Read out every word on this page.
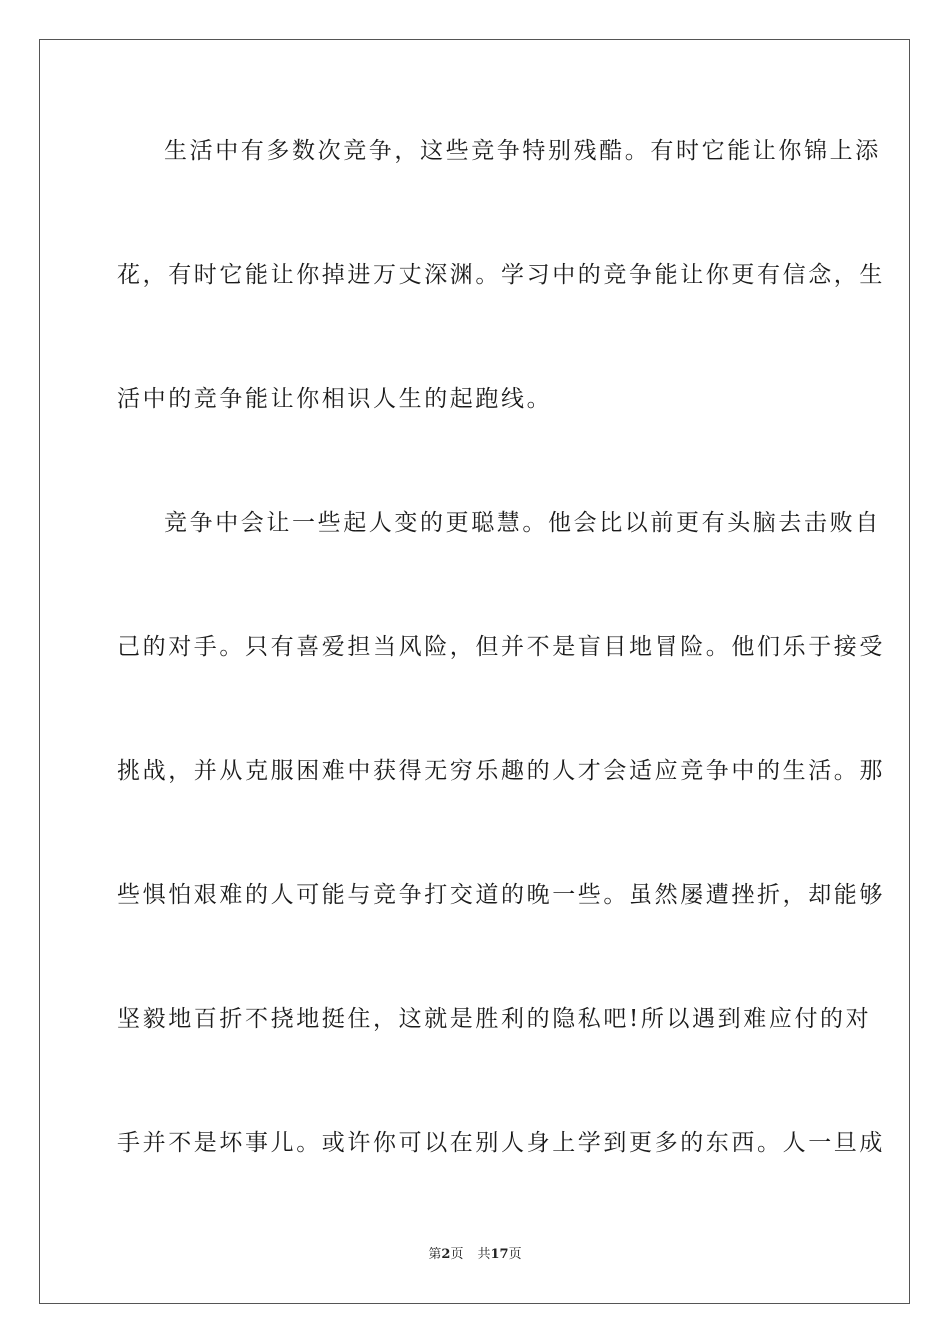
生活中有多数次竞争，这些竞争特别残酷。有时它能让你锦上添
花，有时它能让你掉进万丈深渊。学习中的竞争能让你更有信念，生
活中的竞争能让你相识人生的起跑线。
竞争中会让一些起人变的更聪慧。他会比以前更有头脑去击败自
己的对手。只有喜爱担当风险，但并不是盲目地冒险。他们乐于接受
挑战，并从克服困难中获得无穷乐趣的人才会适应竞争中的生活。那
些惧怕艰难的人可能与竞争打交道的晚一些。虽然屡遭挫折，却能够
坚毅地百折不挠地挺住，这就是胜利的隐私吧!所以遇到难应付的对
手并不是坏事儿。或许你可以在别人身上学到更多的东西。人一旦成
第2页 共17页
